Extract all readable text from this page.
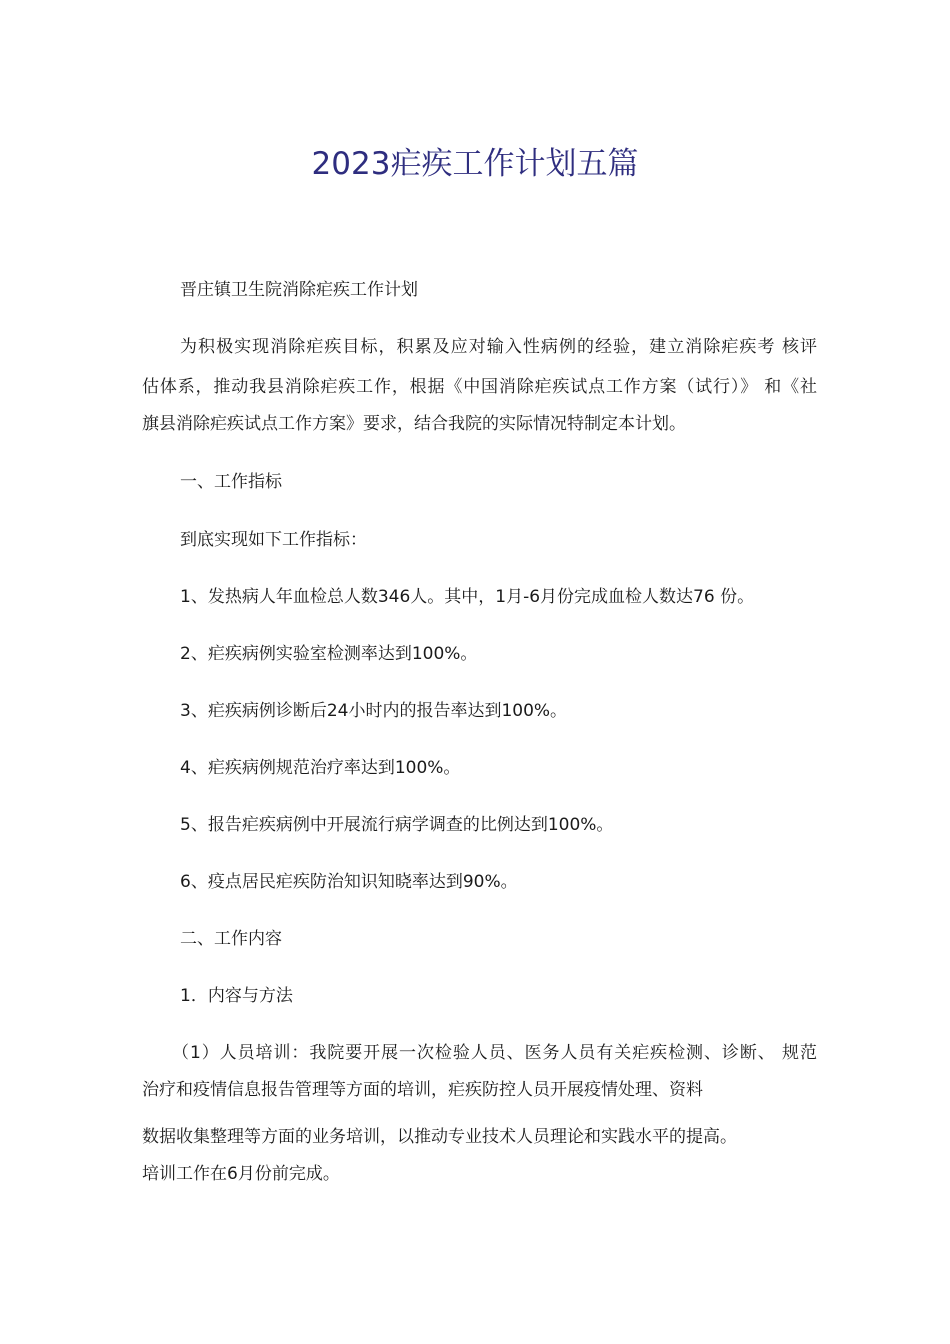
2023疟疾工作计划五篇

晋庄镇卫生院消除疟疾工作计划

为积极实现消除疟疾目标，积累及应对输入性病例的经验，建立消除疟疾考 核评

估体系，推动我县消除疟疾工作，根据《中国消除疟疾试点工作方案（试行）》 和《社

旗县消除疟疾试点工作方案》要求，结合我院的实际情况特制定本计划。

一、工作指标

到底实现如下工作指标：

1、发热病人年血检总人数346人。其中，1月-6月份完成血检人数达76 份。

2、疟疾病例实验室检测率达到100%。

3、疟疾病例诊断后24小时内的报告率达到100%。

4、疟疾病例规范治疗率达到100%。

5、报告疟疾病例中开展流行病学调查的比例达到100%。

6、疫点居民疟疾防治知识知晓率达到90%。

二、工作内容

1．内容与方法

（1）人员培训：我院要开展一次检验人员、医务人员有关疟疾检测、诊断、 规范

治疗和疫情信息报告管理等方面的培训，疟疾防控人员开展疫情处理、资料

数据收集整理等方面的业务培训，以推动专业技术人员理论和实践水平的提高。

培训工作在6月份前完成。
